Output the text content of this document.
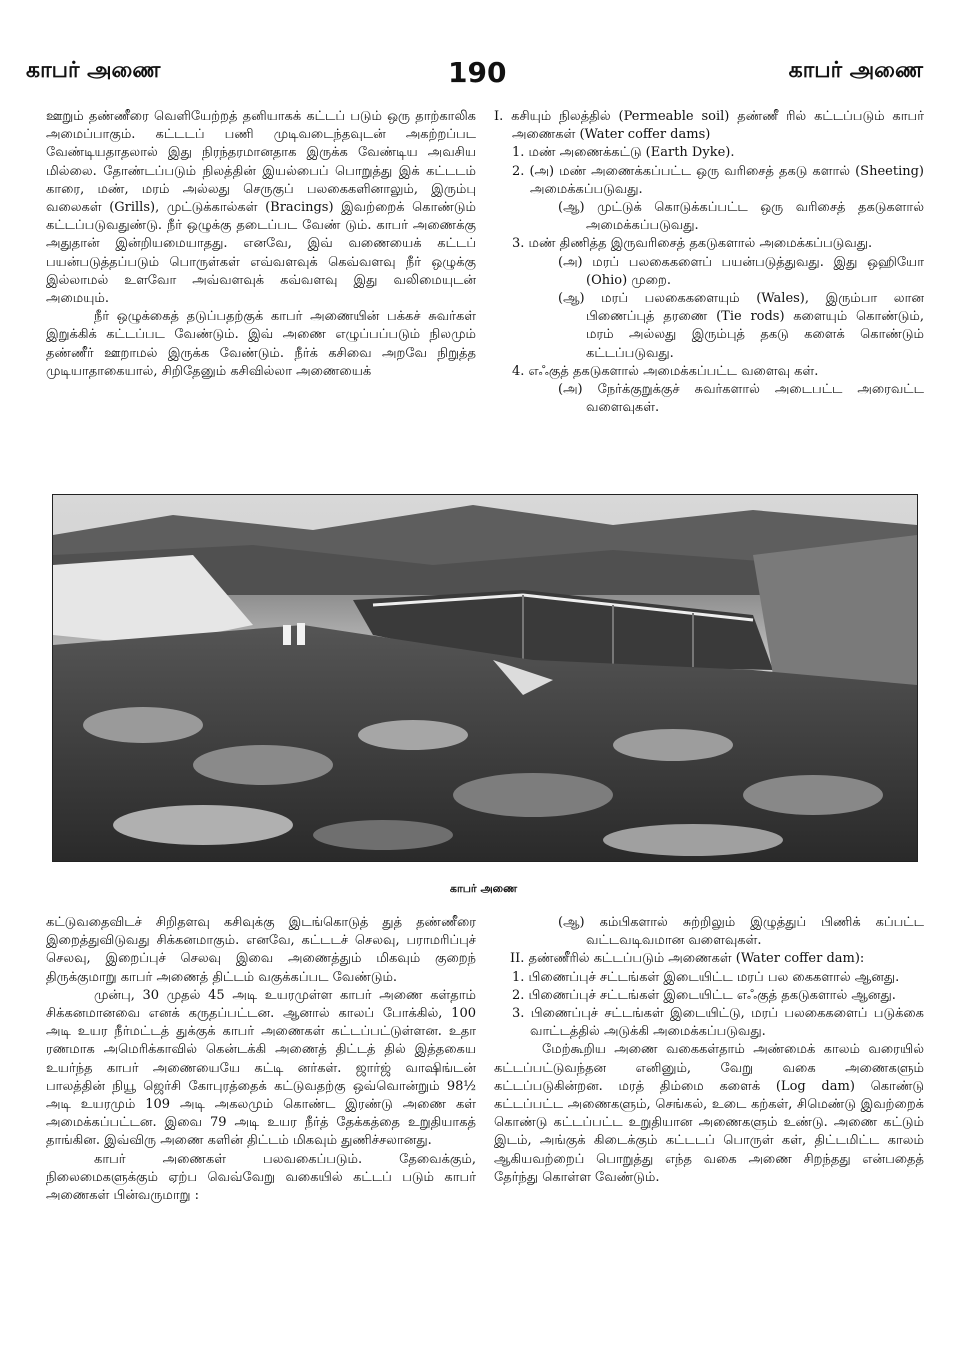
காபர் அணை	190	காபர் அணை

ஊறும் தண்ணீரை வெளியேற்றத் தனியாகக் கட்டப் படும் ஒரு தாற்காலிக அமைப்பாகும். கட்டடப் பணி முடிவடைந்தவுடன் அகற்றப்பட வேண்டியதாதலால் இது நிரந்தரமானதாக இருக்க வேண்டிய அவசிய மில்லை. தோண்டப்படும் நிலத்தின் இயல்பைப் பொறுத்து இக் கட்டடம் காரை, மண், மரம் அல்லது செருகுப் பலகைகளினாலும், இரும்பு வலைகள் (Grills), முட்டுக்கால்கள் (Bracings) இவற்றைக் கொண்டும் கட்டப்படுவதுண்டு. நீர் ஒழுக்கு தடைப்பட வேண் டும். காபர் அணைக்கு அதுதான் இன்றியமையாதது. எனவே, இவ் வணையைக் கட்டப் பயன்படுத்தப்படும் பொருள்கள் எவ்வளவுக் கெவ்வளவு நீர் ஒழுக்கு இல்லாமல் உளவோ அவ்வளவுக் கவ்வளவு இது வலிமையுடன் அமையும்.

நீர் ஒழுக்கைத் தடுப்பதற்குக் காபர் அணையின் பக்கச் சுவர்கள் இறுக்கிக் கட்டப்பட வேண்டும். இவ் அணை எழுப்பப்படும் நிலமும் தண்ணீர் ஊறாமல் இருக்க வேண்டும். நீர்க் கசிவை அறவே நிறுத்த முடியாதாகையால், சிறிதேனும் கசிவில்லா அணையைக்

I. கசியும் நிலத்தில் (Permeable soil) தண்ணீ ரில் கட்டப்படும் காபர் அணைகள் (Water coffer dams)

1. மண் அணைக்கட்டு (Earth Dyke).

2. (அ) மண் அணைக்கப்பட்ட ஒரு வரிசைத் தகடு களால் (Sheeting) அமைக்கப்படுவது.

(ஆ) முட்டுக் கொடுக்கப்பட்ட ஒரு வரிசைத் தகடுகளால் அமைக்கப்படுவது.

3. மண் திணித்த இருவரிசைத் தகடுகளால் அமைக்கப்படுவது.

(அ) மரப் பலகைகளைப் பயன்படுத்துவது. இது ஒஹியோ (Ohio) முறை.

(ஆ) மரப் பலகைகளையும் (Wales), இரும்பா லான பிணைப்புத் தரணை (Tie rods) களையும் கொண்டும், மரம் அல்லது இரும்புத் தகடு களைக் கொண்டும் கட்டப்படுவது.

4. எஃகுத் தகடுகளால் அமைக்கப்பட்ட வளைவு கள்.

(அ) நேர்க்குறுக்குச் சுவர்களால் அடைபட்ட அரைவட்ட வளைவுகள்.

காபர் அணை

கட்டுவதைவிடச் சிறிதளவு கசிவுக்கு இடங்கொடுத் துத் தண்ணீரை இறைத்துவிடுவது சிக்கனமாகும். எனவே, கட்டடச் செலவு, பராமரிப்புச் செலவு, இறைப்புச் செலவு இவை அணைத்தும் மிகவும் குறைந் திருக்குமாறு காபர் அணைத் திட்டம் வகுக்கப்பட வேண்டும்.

முன்பு, 30 முதல் 45 அடி உயரமுள்ள காபர் அணை கள்தாம் சிக்கனமானவை எனக் கருதப்பட்டன. ஆனால் காலப் போக்கில், 100 அடி உயர நீர்மட்டத் துக்குக் காபர் அணைகள் கட்டப்பட்டுள்ளன. உதா ரணமாக அமெரிக்காவில் கென்டக்கி அணைத் திட்டத் தில் இத்தகைய உயர்ந்த காபர் அணையையே கட்டி னர்கள். ஜார்ஜ் வாஷிங்டன் பாலத்தின் நியூ ஜெர்சி கோபுரத்தைக் கட்டுவதற்கு ஒவ்வொன்றும் 98½ அடி உயரமும் 109 அடி அகலமும் கொண்ட இரண்டு அணை கள் அமைக்கப்பட்டன. இவை 79 அடி உயர நீர்த் தேக்கத்தை உறுதியாகத் தாங்கின. இவ்விரு அணை களின் திட்டம் மிகவும் துணிச்சலானது.

காபர் அணைகள் பலவகைப்படும். தேவைக்கும், நிலைமைகளுக்கும் ஏற்ப வெவ்வேறு வகையில் கட்டப் படும் காபர் அணைகள் பின்வருமாறு :

(ஆ) கம்பிகளால் சுற்றிலும் இழுத்துப் பிணிக் கப்பட்ட வட்டவடிவமான வளைவுகள்.

II. தண்ணீரில் கட்டப்படும் அணைகள் (Water coffer dam):

1. பிணைப்புச் சட்டங்கள் இடையிட்ட மரப் பல கைகளால் ஆனது.

2. பிணைப்புச் சட்டங்கள் இடையிட்ட எஃகுத் தகடுகளால் ஆனது.

3. பிணைப்புச் சட்டங்கள் இடையிட்டு, மரப் பலகைகளைப் படுக்கை வாட்டத்தில் அடுக்கி அமைக்கப்படுவது.

மேற்கூறிய அணை வகைகள்தாம் அண்மைக் காலம் வரையில் கட்டப்பட்டுவந்தன எனினும், வேறு வகை அணைகளும் கட்டப்படுகின்றன. மரத் திம்மை களைக் (Log dam) கொண்டு கட்டப்பட்ட அணைகளும், செங்கல், உடை கற்கள், சிமெண்டு இவற்றைக் கொண்டு கட்டப்பட்ட உறுதியான அணைகளும் உண்டு. அணை கட்டும் இடம், அங்குக் கிடைக்கும் கட்டடப் பொருள் கள், திட்டமிட்ட காலம் ஆகியவற்றைப் பொறுத்து எந்த வகை அணை சிறந்தது என்பதைத் தேர்ந்து கொள்ள வேண்டும்.
